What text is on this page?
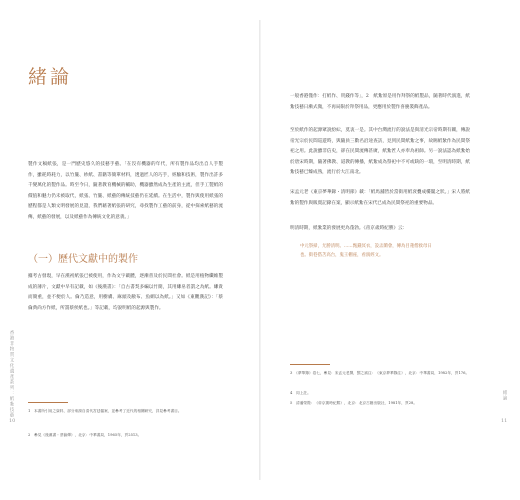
緒論

製作文稿紙張，是一門歷史悠久的技藝手藝。「在沒有機器的年代，所有製作品均出自人手製作，雖耗時耗力，以竹簾、紗紙、書籍等簡單材料，透過匠人的巧手，經驗和技術，製作出許多千變萬化的製作品。時至今日，隨著教育機械的輔助，機器雖然成為生產的主流，但手工製紙的價值和魅力仍未被取代，紙張、竹簾、紙藝的傳統技藝仍在延續。在生活中，製作與使用紙張的歷程都是人類文明發展的見證，我們藉著紙張的研究，尋找製作工藝的前身，從中探索紙藝的流傳，紙藝的發展，以及紙藝作為傳統文化的意義。」

（一）歷代文獻中的製作

據考古發現，早在漢初紙張已被使用，作為文字載體，逐漸普及於民間社會。紙是用植物纖維製成的薄片，文獻中早有記載，如《後漢書》：「自古書契多編以竹簡，其用縑帛者謂之為紙。縑貴而簡重，並不便於人。倫乃造意，用樹膚、麻頭及敝布、魚網以為紙。」又如《東觀漢記》：「蔡倫典尚方作紙，所謂蔡侯紙也。」等記載，均說明紙的起源與製作。

1　本書所引用之資料，部分來源自清代宮廷檔案，並參考了近代的相關研究，詳見參考書目。

2　參見《後漢書・蔡倫傳》，北京：中華書局，1965年，頁2513。

香港非物質文化遺產系列：紙紮技藝

10

一般香港僅作：打紙作、買錢作等」，2　紙紮原是用作拜祭的紙製品，隨著時代演進，紙紮技藝日漸式微，不再局限於拜祭用品，更應用於製作喜慶裝飾產品。

至於紙作的起源眾說紛紜，莫衷一是。其中台灣流行的說法是與清光宗帝時期有關，傳說帝光宗於民間巡遊時，與隨員三數名沿途查訪，見到民間紙紮之事，故賜紙紮作為民間祭祀之用。此說雖非信史，卻在民間流傳甚廣，紙紮匠人亦奉為祖師。另一說法認為紙紮始於唐宋時期，隨著佛教、道教的傳播，紙紮成為祭祀中不可或缺的一環，至明清時期，紙紮技藝已臻成熟，流行於大江南北。

宋孟元老《東京夢華錄・清明節》載：「紙馬舖皆於當街用紙袞疊成樓閣之狀。」宋人將紙紮的製作與販賣記錄在案，顯示紙紮在宋代已成為民間祭祀的重要物品。

明清時期，紙紮業的發展更為蓬勃。《帝京歲時紀勝》云：

3　《夢華錄》卷七，參見：宋孟元老撰，鄧之誠注：《東京夢華錄注》，北京：中華書局，1982年，頁176。

4　同上註。

5　清潘榮陛：《帝京歲時紀勝》，北京：北京古籍出版社，1981年，頁28。

緒論

11

中元祭掃，尤勝清明。……甄錢冥衣，設盂蘭會，傳為目蓮僧救母日也。街巷搭苫高台，鬼王棚座，看演經文。
